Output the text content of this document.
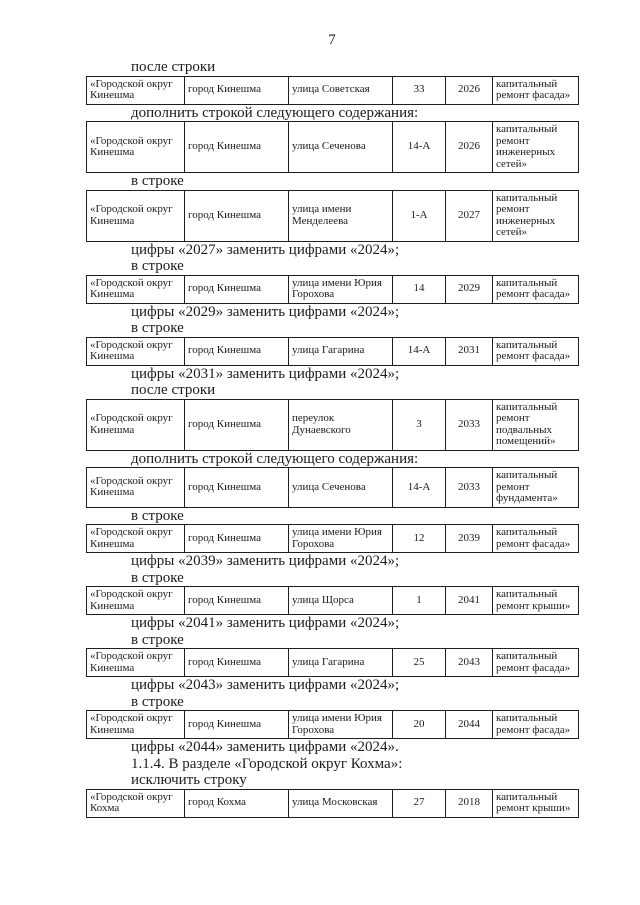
7

после строки

«Городской округ Кинешма	город Кинешма	улица Советская	33	2026	капитальный ремонт фасада»

дополнить строкой следующего содержания:

«Городской округ Кинешма	город Кинешма	улица Сеченова	14-А	2026	капитальный ремонт инженерных сетей»

в строке

«Городской округ Кинешма	город Кинешма	улица имени Менделеева	1-А	2027	капитальный ремонт инженерных сетей»

цифры «2027» заменить цифрами «2024»;

в строке

«Городской округ Кинешма	город Кинешма	улица имени Юрия Горохова	14	2029	капитальный ремонт фасада»

цифры «2029» заменить цифрами «2024»;

в строке

«Городской округ Кинешма	город Кинешма	улица Гагарина	14-А	2031	капитальный ремонт фасада»

цифры «2031» заменить цифрами «2024»;

после строки

«Городской округ Кинешма	город Кинешма	переулок Дунаевского	3	2033	капитальный ремонт подвальных помещений»

дополнить строкой следующего содержания:

«Городской округ Кинешма	город Кинешма	улица Сеченова	14-А	2033	капитальный ремонт фундамента»

в строке

«Городской округ Кинешма	город Кинешма	улица имени Юрия Горохова	12	2039	капитальный ремонт фасада»

цифры «2039» заменить цифрами «2024»;

в строке

«Городской округ Кинешма	город Кинешма	улица Щорса	1	2041	капитальный ремонт крыши»

цифры «2041» заменить цифрами «2024»;

в строке

«Городской округ Кинешма	город Кинешма	улица Гагарина	25	2043	капитальный ремонт фасада»

цифры «2043» заменить цифрами «2024»;

в строке

«Городской округ Кинешма	город Кинешма	улица имени Юрия Горохова	20	2044	капитальный ремонт фасада»

цифры «2044» заменить цифрами «2024».

1.1.4. В разделе «Городской округ Кохма»:

исключить строку

«Городской округ Кохма	город Кохма	улица Московская	27	2018	капитальный ремонт крыши»
